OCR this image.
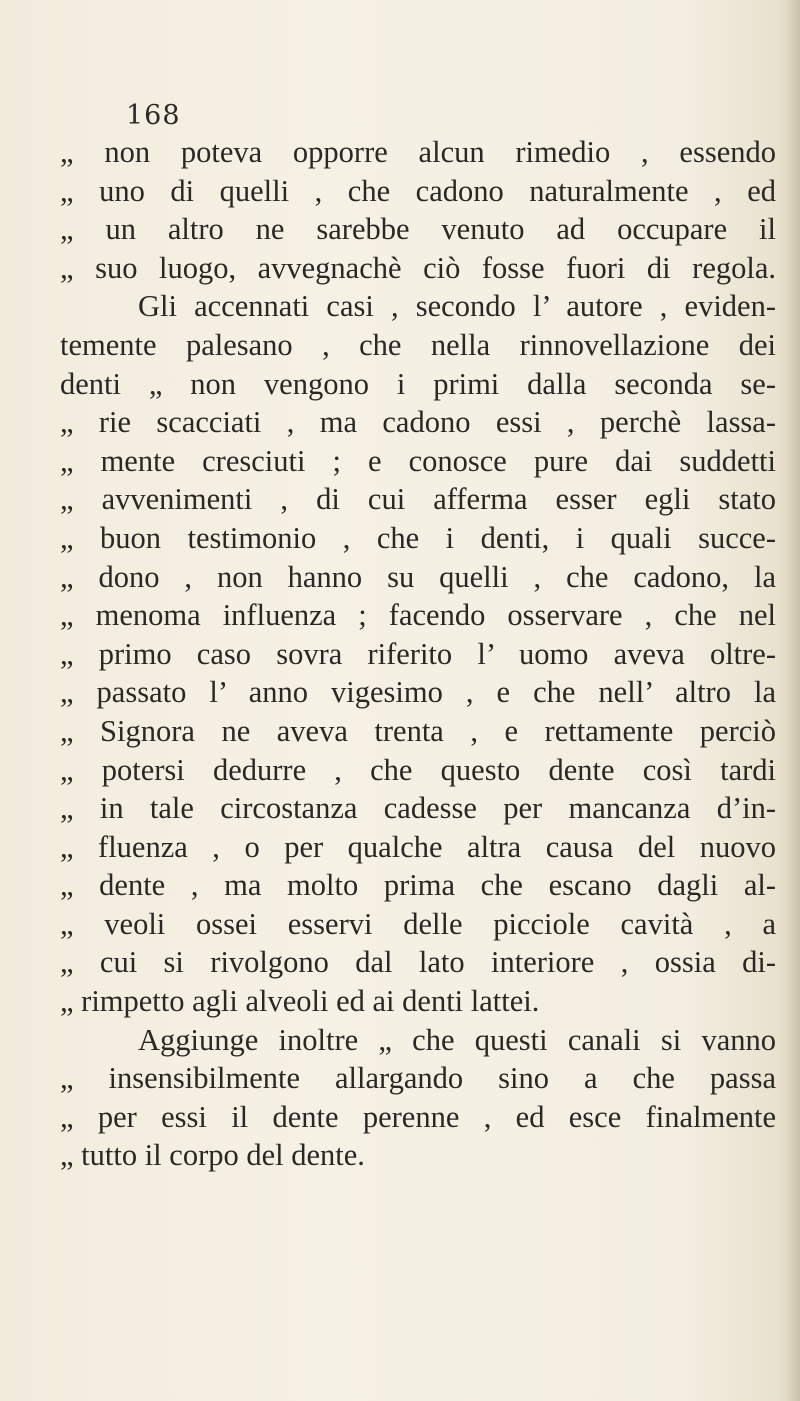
168
„ non poteva opporre alcun rimedio , essendo
„ uno di quelli , che cadono naturalmente , ed
„ un altro ne sarebbe venuto ad occupare il
„ suo luogo, avvegnachè ciò fosse fuori di regola.
Gli accennati casi , secondo l’ autore , eviden-
temente palesano , che nella rinnovellazione dei
denti „ non vengono i primi dalla seconda se-
„ rie scacciati , ma cadono essi , perchè lassa-
„ mente cresciuti ; e conosce pure dai suddetti
„ avvenimenti , di cui afferma esser egli stato
„ buon testimonio , che i denti, i quali succe-
„ dono , non hanno su quelli , che cadono, la
„ menoma influenza ; facendo osservare , che nel
„ primo caso sovra riferito l’ uomo aveva oltre-
„ passato l’ anno vigesimo , e che nell’ altro la
„ Signora ne aveva trenta , e rettamente perciò
„ potersi dedurre , che questo dente così tardi
„ in tale circostanza cadesse per mancanza d’in-
„ fluenza , o per qualche altra causa del nuovo
„ dente , ma molto prima che escano dagli al-
„ veoli ossei esservi delle picciole cavità , a
„ cui si rivolgono dal lato interiore , ossia di-
„ rimpetto agli alveoli ed ai denti lattei.
Aggiunge inoltre „ che questi canali si vanno
„ insensibilmente allargando sino a che passa
„ per essi il dente perenne , ed esce finalmente
„ tutto il corpo del dente.
